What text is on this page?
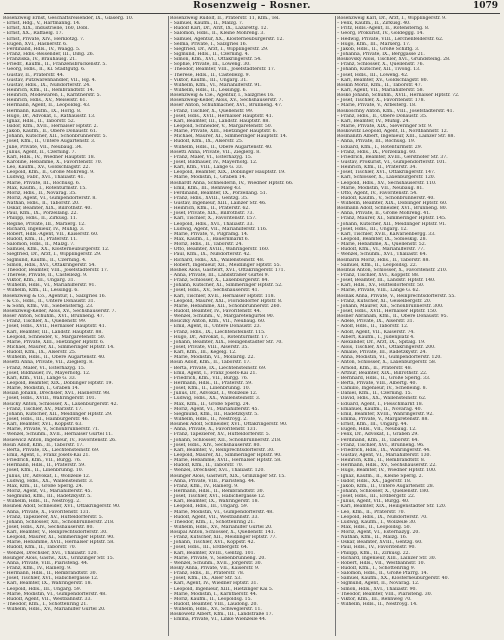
Rosenzweig – Rosner.	1079
Rosenzweig Ernst, Geschäftsreisender, IX., Glaserg. 10.
– Ernst, Hdg., V., Hartmanng. 14.
– Ernst, XIX., Industrielle, 160, Döbl.
– Ernst, XX., Raffaelg. 17.
– Ernst, Private, XIV., Herklotzg. 7.
– Eugen, XVI., Hasnerstr. 6.
– Ferdinand, Hdls., IV., Waagg. 5.
– Franz, Hdls.-Reisender, III., Dißg. 26.
– Franziska, IV., Bräuhausg. 21.
– Friedr., Kaufm., II., Franzensbrückenstr. 5.
– Georg, Hdls., II., Kl. Stadtgutg. 6.
– Gustav, II., Praterstr. 44.
– Gustav, Putzwarenhändler, VII., Hg. 4.
– Gustav, Hdls., IX., Nußdorferstr. 24.
– Heinrich, Kfm., II., Rembrandtstr. 14.
– Heinrich, Modewaren, I., Kärntnerstr. 5.
– Heinrich, Hdls., XV., Meiselstr. 61.
– Hermann, Agent, II., Leopoldsg. 43.
– Hermann, Kaufm., IX., Hörlg. 8.
– Hugo, Dr., Advokat, I., Rathausstr. 13.
– Ignaz, Hdls., II., Taborstr. 52.
– Isidor, Kfm., XVII., Hernalser Hptstr. 2.
– Jakob, Kaufm., II., Obere Donaustr. 61.
– Johann, Kutscher, XII., Schönbrunnerstr. 5.
– Josef, Kfm., II., Untere Augartenstr. 3.
– Julie, Private, VII., Neubaug. 34.
– Julius, Agent, II., Czerning. 7.
– Karl, Hdls., IV., Wiedner Hauptstr. 18.
– Karoline, Hebamme, X., Favoritenstr. 70.
– Leo, Kaufm., XV., Goldschlagstr. 22.
– Leopold, Kfm., II., Große Mohreng. 9.
– Ludwig, Fabr., XVI., Thaliastr. 41.
– Marie, Private, III., Rochusg. 6.
– Max, Kaufm., I., Rotenturmstr. 15.
– Moriz, Hdls., II., Novarag. 35.
– Moriz, Agent, VI., Gumpendorferstr. 8.
– Nathan, Hdls., II., Taborstr. 20.
– Oskar, Beamter, XIX., Billrothstr. 40.
– Paul, Kfm., IX., Porzellang. 22.
– Philipp, Hdls., II., Zirkusg. 11.
– Regine, Private, III., Marxerg. 12.
– Richard, Ingenieur, IV., Mühlg. 3.
– Robert, Hdls.-Agent, VII., Kaiserstr. 60.
– Rudolf, Kfm., II., Praterstr. 11.
– Salomon, Hdls., II., Malzg. 7.
– Samuel, Kfm., XX., Klosterneuburgerstr. 12.
– Siegfried, Dr., Arzt, I., Wipplingerstr. 29.
– Sigmund, Kaufm., II., Czerning. 4.
– Simon, Hdls., XVI., Ottakringerstr. 54.
– Theodor, Beamter, VIII., Josefstädterstr. 17.
– Therese, Private, II., Castellezg. 9.
– Viktor, Kfm., III., Ungarg. 31.
– Wilhelm, Hdls., VI., Mariahilferstr. 91.
– Wilhelm, Kfm., II., Lessingg. 6.
Rosenzweig & Co., Agentur, I., Salzgries 16.
– & Co., Hdls., II., Untere Donaustr. 31.
– & Sohn, Kfm., VII., Siebensterng. 23.
Rosenzweig-Keller, Alois, XV., Sechshauserstr. 7.
Roser Anton, Schuhm., XVI., Brunneng. 47.
– Franz, Tischler, X., Quellenstr. 99.
– Josef, Hdls., XVII., Hernalser Hauptstr. 41.
– Karl, Beamter, III., Landstr. Hauptstr. 88.
– Leopold, Schneider, V., Margaretenstr. 50.
– Marie, Private, XIII., Hietzinger Hptstr. 6.
– Michael, Maurer, XI., Simmeringer Hptstr. 14.
– Rudolf, Kfm., IX., Alserstr. 25.
– Wilhelm, Hdls., II., Obere Augartenstr. 40.
Rosetti Anna, Private, VII., Zieglerg. 8.
– Franz, Maler, VI., Esterhazyg. 15.
– Josef, Bildhauer, IV., Mayerhofg. 12.
– Karl, Kfm., VIII., Lange G. 33.
– Leopold, Beamter, XIX., Döblinger Hptstr. 19.
– Marie, Modistin, I., Graben 14.
Rosian Johann, Drechsler, XVI., Hasnerstr. 98.
– Josef, Hdls., XVIII., Währingerstr. 101.
Rosicky Anton, Schlosser, X., Laxenburgerstr. 42.
– Franz, Tischler, XV., Märzstr. 17.
– Johann, Kutscher, XII., Meidlinger Hptstr. 29.
– Josef, Hdls., III., Hainburgerstr. 46.
– Karl, Beamter, XVI., Koppstr. 63.
– Marie, Private, V., Schönbrunnerstr. 71.
– Wenzel, Schuhm., XVII., Hernalser Gürtel 11.
Rosiewicz Anton, Ingenieur, IV., Favoritenstr. 26.
Rosin Adolf, Kfm., II., Taborstr. 17.
– Berta, Private, IX., Liechtensteinstr. 69.
– Emil, Agent, I., Franz Josefs-Kai 21.
– Friedrich, Kfm., VII., Burgg. 76.
– Hermann, Hdls., II., Praterstr. 59.
– Josef, Kfm., II., Lilienbrunng. 10.
– Julius, Dr., Advokat, I., Wollzeile 12.
– Ludwig, Hdls., XX., Wallensteinstr. 3.
– Max, Kfm., II., Große Sperlg. 24.
– Moriz, Agent, VI., Mariahilferstr. 45.
– Siegmund, Kfm., III., Radetzkystr. 5.
– Wilhelm, Hdls., II., Nestroyg. 2.
Rosinek Adolf, Schneider, XVI., Ottakringerstr. 90.
– Anna, Private, X., Favoritenstr. 131.
– Franz, Tapezierer, XV., Hütteldorferstr. 5.
– Johann, Schlosser, XII., Schönbrunnerstr. 218.
– Josef, Hdls., XIV., Sechshauserstr. 80.
– Karl, Beamter, V., Reinprechtsdorferstr. 30.
– Leopold, Maurer, XI., Simmeringer Hptstr. 90.
– Marie, Hebamme, XVII., Hernalser Hptstr. 58.
– Rudolf, Kfm., II., Taborstr. 70.
– Wenzel, Drechsler, XVI., Thaliastr. 120.
Rosinger Alois, Gastw., XIX., Grinzinger Str. 15.
– Anna, Private, VIII., Piaristeng. 44.
– Franz, Kfm., IV., Rainerg. 9.
– Hermann, Hdls., II., Rembrandtstr. 30.
– Josef, Tischler, XVI., Habichergasse 12.
– Karl, Beamter, IX., Währingerstr. 18.
– Leopold, Hdls., III., Ungarg. 59.
– Marie, Modistin, VI., Gumpendorferstr. 48.
– Rudolf, Agent, VII., Westbahnstr. 33.
– Theodor, Kfm., I., Schottenring 21.
– Wilhelm, Hdls., XV., Mariahilfer Gürtel 20.
Rosenzweig Rudolf, II., Praterstr. 11, Kfm., Tel.
– Samuel, Kaufm., II., Malzg. 7.
– Rudolf Karl, Dr., Arzt, IX., Lazarettg. 12.
– Salomon, Hdls., II., Kleine Mohreng. 3.
– Samuel, Agentur, XX., Klosterneuburgerstr. 12.
– Selma, Private, I., Salzgries 16.
– Siegfried, Dr., Arzt, I., Wipplingerstr. 29.
– Sigmund, Hdls., II., Czerning. 4.
– Simon, Kfm., XVI., Ottakringerstr. 54.
– Sophie, Private, III., Löweng. 30.
– Theodor, Beamter, VIII., Josefstädterstr. 17.
– Therese, Hdls., II., Castellezg. 9.
– Viktor, Kaufm., III., Ungarg. 31.
– Wilhelm, Kfm., VI., Mariahilferstr. 91.
– Wilhelm, Hdls., II., Lessingg. 6.
Rosenzweig & Cie., Agentur, I., Salzgries 16.
Rosenzweig-Keller, Alois, XV., Sechshauserstr. 7.
Roser Anton, Schuhmacher, XVI., Brunneng. 47.
– Franz, Tischler, X., Quellenstr. 99.
– Josef, Hdls., XVII., Hernalser Hauptstr. 41.
– Karl, Beamter, III., Landstr. Hauptstr. 88.
– Leopold, Schneider, V., Margaretenstr. 50.
– Marie, Private, XIII., Hietzinger Hauptstr. 6.
– Michael, Maurer, XI., Simmeringer Hauptstr. 14.
– Rudolf, Kfm., IX., Alserstr. 25.
– Wilhelm, Hdls., II., Obere Augartenstr. 40.
Rosetti Anna, Private, VII., Zieglerg. 8.
– Franz, Maler, VI., Esterhazyg. 15.
– Josef, Bildhauer, IV., Mayerhofg. 12.
– Karl, Kfm., VIII., Lange G. 33.
– Leopold, Beamter, XIX., Döblinger Hauptstr. 19.
– Marie, Modistin, I., Graben 14.
Roshardt Anna, Schneiderin, IV., Wiedner Hptstr. 66.
– Emil, Kfm., III., Rennweg 43.
– Ferdinand, Beamter, IX., Porzellang. 51.
– Franz, Hdls., XVIII., Gentzg. 35.
– Gustav, Ingenieur, XIII., Lainzer Str. 46.
– Heinrich, Kfm., II., Praterstr. 62.
– Josef, Private, XIX., Billrothstr. 73.
– Karl, Tischler, X., Favoritenstr. 157.
– Leopold, Hdls., XVI., Thaliastr. 33.
– Ludwig, Agent, VII., Mariahilferstr. 116.
– Marie, Private, V., Pilgramg. 14.
– Max, Kaufm., I., Bauernmarkt 6.
– Moriz, Hdls., II., Taborstr. 24.
– Otto, Beamter, XVIII., Währingerstr. 160.
– Paul, Kfm., IX., Nußdorferstr. 42.
– Richard, Hdls., XX., Wallensteinstr. 48.
– Robert, Ingenieur, XII., Meidlinger Hptstr. 55.
Roshek Alois, Gastwirt, XVI., Ottakringerstr. 171.
– Anna, Private, III., Landstraßer Gürtel 9.
– Franz, Schlosser, X., Laxenburgerstr. 84.
– Johann, Kutscher, XI., Simmeringer Hptstr. 52.
– Josef, Hdls., XV., Sechshauserstr. 41.
– Karl, Tischler, XVII., Hernalser Hptstr. 118.
– Leopold, Maurer, XXI., Floridsdorfer Hptstr. 8.
– Marie, Hebamme, XII., Schönbrunnerstr. 260.
– Rudolf, Beamter, IV., Favoritenstr. 44.
– Wenzel, Schuhm., V., Margaretengürtel 90.
Rosiczky Anton, Kfm., VII., Neubaug. 60.
– Emil, Agent, II., Untere Donaustr. 23.
– Franz, Hdls., IX., Liechtensteinstr. 115.
– Hugo, Dr., Advokat, I., Rotenturmstr. 17.
– Johann, Beamter, XIX., Heiligenstädter Str. 70.
– Josef, Private, VIII., Alserstr. 35.
– Karl, Kfm., III., Kegelg. 12.
– Marie, Modistin, VI., Mollardg. 22.
Rosin Adolf, Kfm., II., Taborstr. 17.
– Berta, Private, IX., Liechtensteinstr. 69.
– Emil, Agent, I., Franz Josefs-Kai 21.
– Friedrich, Kfm., VII., Burgg. 76.
– Hermann, Hdls., II., Praterstr. 59.
– Josef, Kfm., II., Lilienbrunng. 10.
– Julius, Dr., Advokat, I., Wollzeile 12.
– Ludwig, Hdls., XX., Wallensteinstr. 3.
– Max, Kfm., II., Große Sperlg. 24.
– Moriz, Agent, VI., Mariahilferstr. 45.
– Siegmund, Kfm., III., Radetzkystr. 5.
– Wilhelm, Hdls., II., Nestroyg. 2.
Rosinek Adolf, Schneider, XVI., Ottakringerstr. 90.
– Anna, Private, X., Favoritenstr. 131.
– Franz, Tapezierer, XV., Hütteldorferstr. 5.
– Johann, Schlosser, XII., Schönbrunnerstr. 218.
– Josef, Hdls., XIV., Sechshauserstr. 80.
– Karl, Beamter, V., Reinprechtsdorferstr. 30.
– Leopold, Maurer, XI., Simmeringer Hptstr. 90.
– Marie, Hebamme, XVII., Hernalser Hptstr. 58.
– Rudolf, Kfm., II., Taborstr. 70.
– Wenzel, Drechsler, XVI., Thaliastr. 120.
Rosinger Alois, Gastwirt, XIX., Grinzinger Str. 15.
– Anna, Private, VIII., Piaristeng. 44.
– Franz, Kfm., IV., Rainerg. 9.
– Hermann, Hdls., II., Rembrandtstr. 30.
– Josef, Tischler, XVI., Habichergasse 12.
– Karl, Beamter, IX., Währingerstr. 18.
– Leopold, Hdls., III., Ungarg. 59.
– Marie, Modistin, VI., Gumpendorferstr. 48.
– Rudolf, Agent, VII., Westbahnstr. 33.
– Theodor, Kfm., I., Schottenring 21.
– Wilhelm, Hdls., XV., Mariahilfer Gürtel 20.
Rosipal Anton, Schlosser, X., Quellenstr. 141.
– Franz, Kutscher, XII., Meidlinger Hptstr. 77.
– Johann, Tischler, XVI., Koppstr. 42.
– Josef, Hdls., III., Erdbergstr. 64.
– Karl, Beamter, XVIII., Gentzg. 101.
– Marie, Private, V., Siebenbrunneng. 20.
– Wenzel, Schuhm., XVII., Jörgerstr. 30.
Rosky Anna, Private, VII., Kaiserstr. 9.
– Franz, Hdls., II., Praterstr. 78.
– Josef, Kfm., IX., Alser Str. 53.
– Karl, Agent, IV., Wiedner Hptstr. 31.
– Leopold, Ingenieur, XIII., Hietzinger Kai 5.
– Marie, Modistin, I., Kärntnerstr. 44.
– Moriz, Kaufm., II., Leopoldsg. 15.
– Rudolf, Beamter, VIII., Laudong. 20.
– Wilhelm, Hdls., XV., Schweglerstr. 11.
Roskowetz Albert, Kfm., III., Landstraße 17.
– Emma, Private, VI., Linke Wienzeile 44.
Rosenzweig Karl, Dr., Arzt, I., Wipplingerstr. 9.
– Felix, Kaufm., II., Zirkusg. 40.
– Fritz, Hdls.-Agent, II., Rotensterng. 8.
– Georg, Prokurist, IV., Goldeggg. 14.
– Hedwig, Private, VIII., Lerchenfelderstr. 62.
– Hugo, Kfm., III., Marxerg. 17.
– Jakob, Hdls., II., Große Schiffg. 3.
– Johanna, Private, IX., Berggasse 21.
Roskovsky Alois, Tischler, XVI., Grundsteing. 28.
– Franz, Schlosser, X., Quellenstr. 76.
– Johann, Kutscher, XII., Tivolig. 13.
– Josef, Hdls., III., Löweng. 42.
– Karl, Beamter, XV., Goldschlagstr. 80.
Roskin Moriz, Kfm., II., Taborstr. 47.
– Karl, Agent, VII., Mariahilferstr. 58.
Rosko Johann, Schuhm., XVII., Hernalser Hptstr. 72.
– Josef, Tischler, X., Favoritenstr. 178.
– Marie, Private, V., Arbeiterg. 18.
Roskoschny Anton, Kfm., VIII., Josefstädterstr. 41.
– Franz, Hdls., II., Obere Donaustr. 35.
– Karl, Beamter, IV., Mühlg. 24.
– Marie, Private, XIX., Sieveringer Str. 9.
Roskowitz Leopold, Agent, II., Nordbahnstr. 12.
Rosmanith Albert, Ingenieur, XIII., Lainzer Str. 88.
– Anna, Private, III., Rochusg. 19.
– Eduard, Kfm., I., Rotenturmstr. 29.
– Franz, Hdls., IX., Porzellang. 60.
– Friedrich, Beamter, XVIII., Gersthofer Str. 37.
– Gustav, Prokurist, VI., Gumpendorferstr. 101.
– Heinrich, Kfm., II., Praterstr. 34.
– Josef, Tischler, XVI., Ottakringerstr. 147.
– Karl, Schlosser, X., Laxenburgerstr. 120.
– Leopold, Hdls., XV., Sechshauserstr. 110.
– Marie, Modistin, VII., Neubaug. 81.
– Otto, Agent, IV., Favoritenstr. 54.
– Rudolf, Kaufm., V., Schönbrunnerstr. 40.
– Wilhelm, Beamter, XIX., Döblinger Hptstr. 60.
Rosmann Adolf, Schneider, XVI., Brunneng. 80.
– Anna, Private, II., Große Mohreng. 41.
– Franz, Maurer, XI., Simmeringer Hptstr. 145.
– Johann, Kutscher, XII., Meidlinger Hptstr. 91.
– Josef, Hdls., III., Ungarg. 12.
– Karl, Tischler, XVII., Kalvarienbergg. 33.
– Leopold, Beamter, IX., Sobieskig. 28.
– Marie, Hebamme, X., Quellenstr. 52.
– Rudolf, Kfm., VI., Mariahilferstr. 77.
– Wenzel, Schuhm., XVI., Thaliastr. 64.
Rosmarin Moriz, Hdls., II., Taborstr. 88.
– Samuel, Kfm., II., Leopoldsg. 22.
Rosmus Anton, Schlosser, X., Favoritenstr. 210.
– Franz, Tischler, XVI., Koppstr. 88.
– Josef, Beamter, III., Landstr. Hptstr. 140.
– Karl, Hdls., XV., Hütteldorferstr. 50.
– Marie, Private, VIII., Lange G. 62.
Rosnak Anna, Private, V., Reinprechtsdorferstr. 55.
– Franz, Kutscher, XI., Geiselbergstr. 20.
– Johann, Maurer, XII., Schönbrunnerstr. 300.
– Josef, Hdls., XVII., Hernalser Hptstr. 150.
Rosner Abraham, Kfm., II., Obere Donaustr. 95.
– Adele, Private, IX., Alserstr. 31.
– Adolf, Hdls., II., Taborstr. 12.
– Adolf, Agent, VII., Kaiserstr. 74.
– Albert, Kaufm., I., Judenplatz 4.
– Alexander, Dr., Arzt, IX., Spitalg. 19.
– Alois, Tischler, XVI., Ottakringerstr. 200.
– Amalie, Private, III., Radetzkystr. 24.
– Anna, Modistin, VI., Gumpendorferstr. 120.
– Anton, Schlosser, X., Laxenburgerstr. 58.
– Arnold, Kfm., II., Praterstr. 48.
– Arthur, Beamter, XIX., Billrothstr. 22.
– Bernhard, Hdls., II., Große Sperlg. 33.
– Berta, Private, VIII., Albertg. 40.
– Camillo, Ingenieur, IV., Schelleing. 8.
– Daniel, Kfm., II., Czerning. 15.
– David, Hdls., XX., Wallensteinstr. 62.
– Eduard, Agent, I., Fleischmarkt 18.
– Emanuel, Kaufm., II., Novarag. 40.
– Emil, Beamter, XVIII., Währingerstr. 92.
– Emma, Private, V., Margaretenstr. 88.
– Ernst, Kfm., III., Ungarg. 44.
– Eugen, Hdls., VII., Neubaug. 12.
– Felix, Dr., Advokat, I., Graben 29.
– Ferdinand, Kfm., II., Taborstr. 64.
– Franz, Tischler, XVI., Brunneng. 96.
– Friedrich, Hdls., IX., Währingerstr. 44.
– Gustav, Agent, VI., Mariahilferstr. 130.
– Heinrich, Kfm., II., Rembrandtstr. 8.
– Hermann, Hdls., XV., Sechshauserstr. 22.
– Hugo, Beamter, IV., Wiedner Hptstr. 100.
– Ignaz, Kaufm., II., Kleine Sperlg. 2.
– Isidor, Hdls., XX., Jägerstr. 18.
– Jakob, Kfm., II., Untere Augartenstr. 28.
– Johann, Schlosser, X., Quellenstr. 180.
– Josef, Hdls., III., Erdbergstr. 22.
– Julius, Agent, VII., Burgg. 40.
– Karl, Beamter, XIX., Heiligenstädter Str. 120.
– Leo, Kfm., II., Praterstr. 70.
– Leopold, Hdls., IX., Nußdorferstr. 70.
– Ludwig, Kaufm., I., Wollzeile 30.
– Max, Hdls., II., Leopoldsg. 50.
– Moriz, Agent, VI., Esterhazyg. 20.
– Nathan, Kfm., II., Malzg. 16.
– Oskar, Beamter, XVIII., Gentzg. 60.
– Paul, Hdls., IV., Favoritenstr. 90.
– Philipp, Kfm., II., Zirkusg. 22.
– Richard, Ingenieur, XIII., Lainzer Str. 30.
– Robert, Hdls., VII., Westbahnstr. 10.
– Rudolf, Kfm., I., Schottenring 9.
– Salomon, Hdls., II., Große Pfarrg. 14.
– Samuel, Kaufm., XX., Klosterneuburgerstr. 40.
– Sigmund, Agent, II., Novarag. 12.
– Simon, Hdls., XVI., Thaliastr. 90.
– Theodor, Beamter, VIII., Piaristeng. 30.
– Viktor, Kfm., III., Rennweg 70.
– Wilhelm, Hdls., II., Nestroyg. 14.
